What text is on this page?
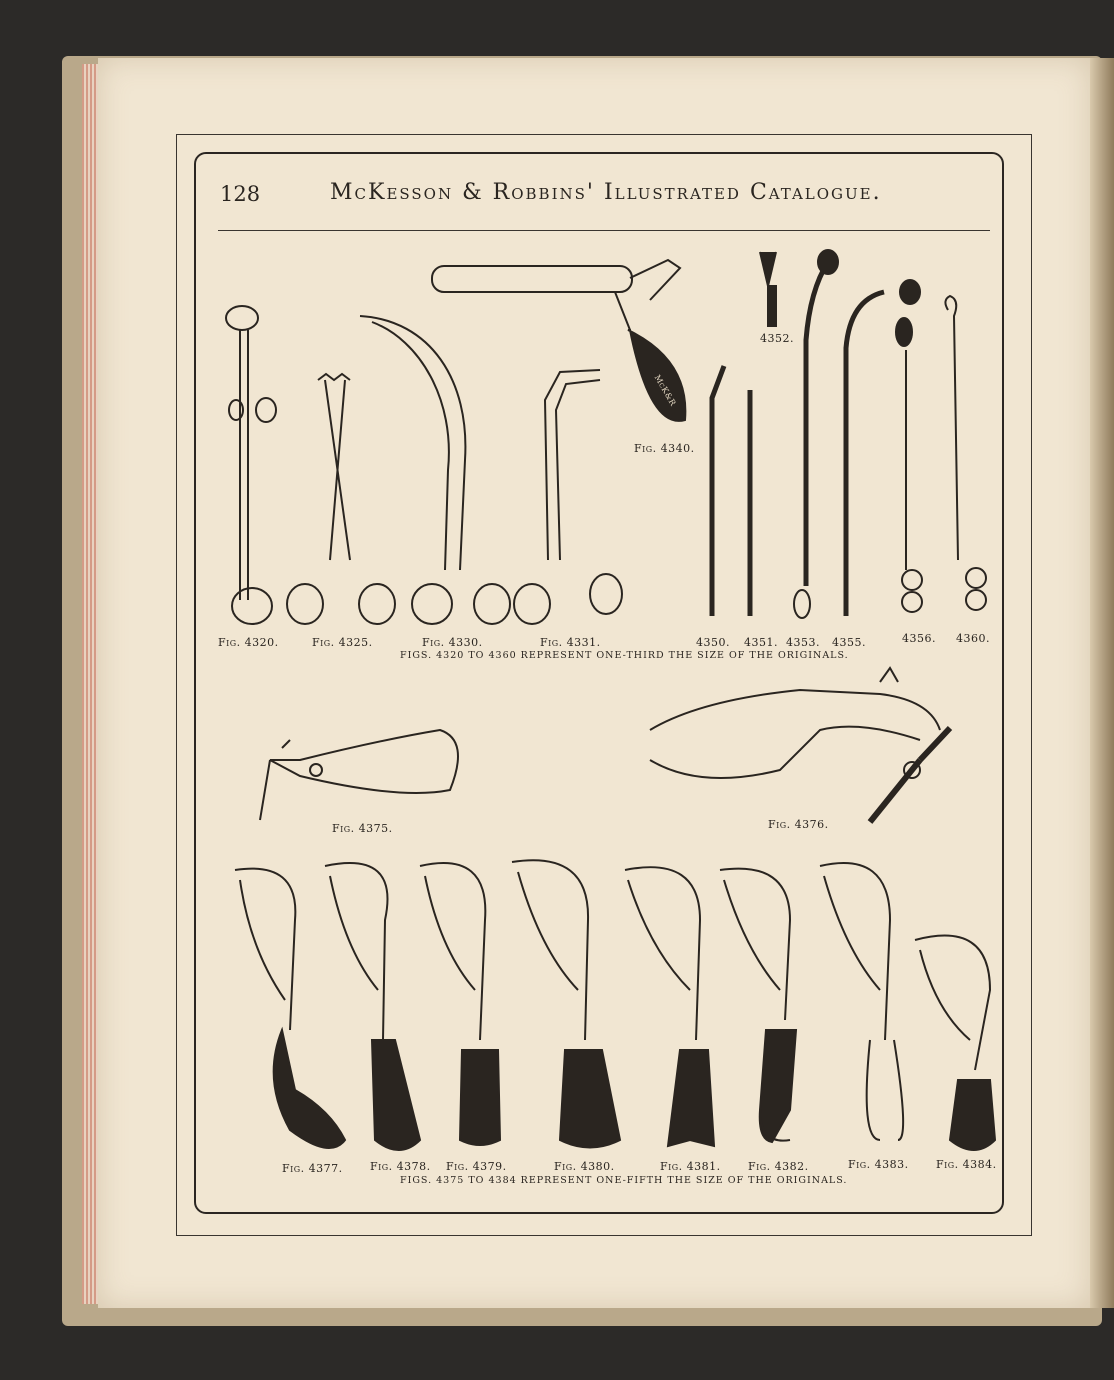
128	McKesson & Robbins' Illustrated Catalogue.
Fig. 4320.	Fig. 4325.	Fig. 4330.	Fig. 4331.
Fig. 4340.
4350. 4351.
4352.
4353. 4355.	4356. 4360.
FIGS. 4320 TO 4360 REPRESENT ONE-THIRD THE SIZE OF THE ORIGINALS.
Fig. 4375.	Fig. 4376.
Fig. 4377. Fig. 4378. Fig. 4379.	Fig. 4380.	Fig. 4381. Fig. 4382.	Fig. 4383. Fig. 4384.
FIGS. 4375 TO 4384 REPRESENT ONE-FIFTH THE SIZE OF THE ORIGINALS.
McK&R
